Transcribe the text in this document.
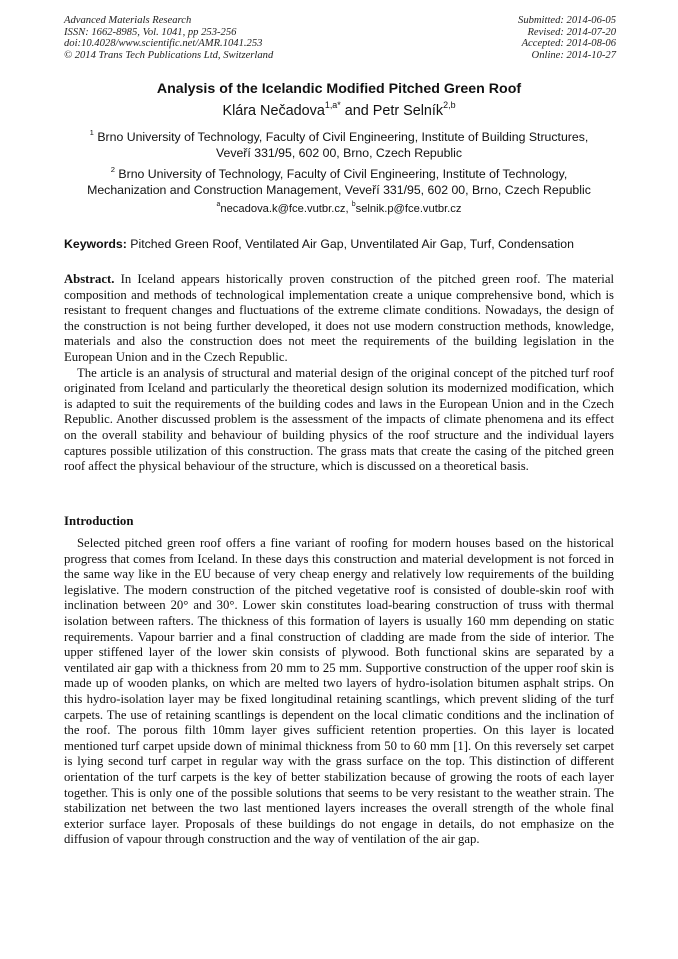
Advanced Materials Research
ISSN: 1662-8985, Vol. 1041, pp 253-256
doi:10.4028/www.scientific.net/AMR.1041.253
© 2014 Trans Tech Publications Ltd, Switzerland
Submitted: 2014-06-05
Revised: 2014-07-20
Accepted: 2014-08-06
Online: 2014-10-27
Analysis of the Icelandic Modified Pitched Green Roof
Klára Nečadova$^{1,a*}$ and Petr Selník$^{2,b}$
$^1$ Brno University of Technology, Faculty of Civil Engineering, Institute of Building Structures,
Veveří 331/95, 602 00, Brno, Czech Republic
$^2$ Brno University of Technology, Faculty of Civil Engineering, Institute of Technology,
Mechanization and Construction Management, Veveří 331/95, 602 00, Brno, Czech Republic
$^a$necadova.k@fce.vutbr.cz, $^b$selnik.p@fce.vutbr.cz
Keywords: Pitched Green Roof, Ventilated Air Gap, Unventilated Air Gap, Turf, Condensation

Abstract. In Iceland appears historically proven construction of the pitched green roof. The material composition and methods of technological implementation create a unique comprehensive bond, which is resistant to frequent changes and fluctuations of the extreme climate conditions. Nowadays, the design of the construction is not being further developed, it does not use modern construction methods, knowledge, materials and also the construction does not meet the requirements of the building legislation in the European Union and in the Czech Republic.

The article is an analysis of structural and material design of the original concept of the pitched turf roof originated from Iceland and particularly the theoretical design solution its modernized modification, which is adapted to suit the requirements of the building codes and laws in the European Union and in the Czech Republic. Another discussed problem is the assessment of the impacts of climate phenomena and its effect on the overall stability and behaviour of building physics of the roof structure and the individual layers captures possible utilization of this construction. The grass mats that create the casing of the pitched green roof affect the physical behaviour of the structure, which is discussed on a theoretical basis.

Introduction

Selected pitched green roof offers a fine variant of roofing for modern houses based on the historical progress that comes from Iceland. In these days this construction and material development is not forced in the same way like in the EU because of very cheap energy and relatively low requirements of the building legislative. The modern construction of the pitched vegetative roof is consisted of double-skin roof with inclination between 20° and 30°. Lower skin constitutes load-bearing construction of truss with thermal isolation between rafters. The thickness of this formation of layers is usually 160 mm depending on static requirements. Vapour barrier and a final construction of cladding are made from the side of interior. The upper stiffened layer of the lower skin consists of plywood. Both functional skins are separated by a ventilated air gap with a thickness from 20 mm to 25 mm. Supportive construction of the upper roof skin is made up of wooden planks, on which are melted two layers of hydro-isolation bitumen asphalt strips. On this hydro-isolation layer may be fixed longitudinal retaining scantlings, which prevent sliding of the turf carpets. The use of retaining scantlings is dependent on the local climatic conditions and the inclination of the roof. The porous filth 10mm layer gives sufficient retention properties. On this layer is located mentioned turf carpet upside down of minimal thickness from 50 to 60 mm [1]. On this reversely set carpet is lying second turf carpet in regular way with the grass surface on the top. This distinction of different orientation of the turf carpets is the key of better stabilization because of growing the roots of each layer together. This is only one of the possible solutions that seems to be very resistant to the weather strain. The stabilization net between the two last mentioned layers increases the overall strength of the whole final exterior surface layer. Proposals of these buildings do not engage in details, do not emphasize on the diffusion of vapour through construction and the way of ventilation of the air gap.
